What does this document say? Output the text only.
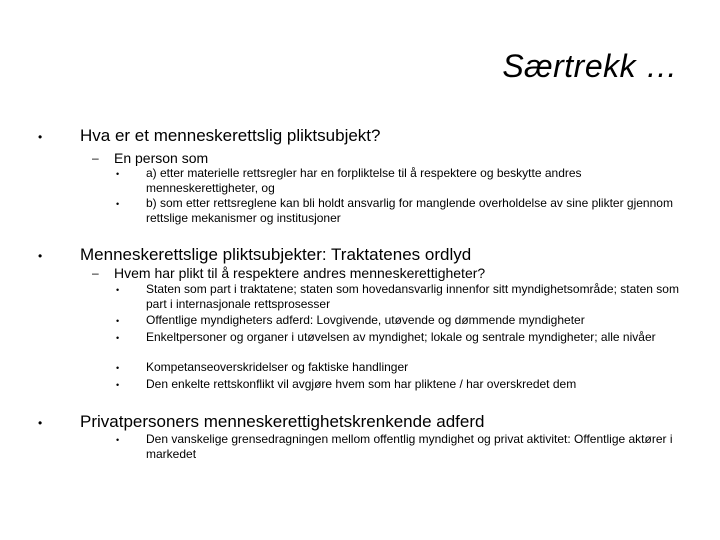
Særtrekk …
• Hva er et menneskerettslig pliktsubjekt?
– En person som
• a) etter materielle rettsregler har en forpliktelse til å respektere og beskytte andres menneskerettigheter, og
• b) som etter rettsreglene kan bli holdt ansvarlig for manglende overholdelse av sine plikter gjennom rettslige mekanismer og institusjoner
• Menneskerettslige pliktsubjekter: Traktatenes ordlyd
– Hvem har plikt til å respektere andres menneskerettigheter?
• Staten som part i traktatene; staten som hovedansvarlig innenfor sitt myndighetsområde; staten som part i internasjonale rettsprosesser
• Offentlige myndigheters adferd: Lovgivende, utøvende og dømmende myndigheter
• Enkeltpersoner og organer i utøvelsen av myndighet; lokale og sentrale myndigheter; alle nivåer
• Kompetanseoverskridelser og faktiske handlinger
• Den enkelte rettskonflikt vil avgjøre hvem som har pliktene / har overskredet dem
• Privatpersoners menneskerettighetskrenkende adferd
• Den vanskelige grensedragningen mellom offentlig myndighet og privat aktivitet: Offentlige aktører i markedet
